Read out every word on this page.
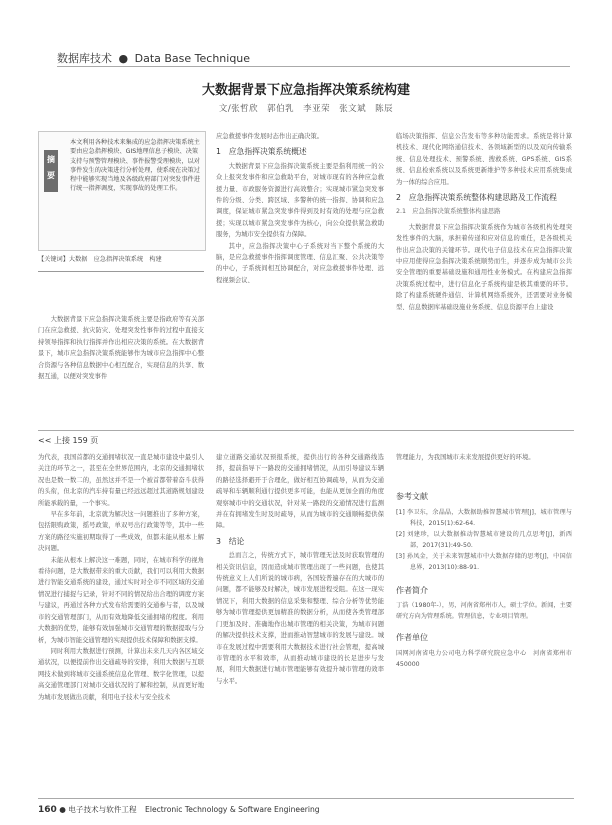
数据库技术 ● Data Base Technique
大数据背景下应急指挥决策系统构建
文/张哲欣　郭伯乳　李亚荣　张文斌　陈辰
摘要
本文利用各种技术来集成的应急指挥决策系统主要由应急指挥模块、GIS地理信息子模块、决策支持与预警管理模块、事件报警受理模块，以对事件发生的决策进行分析处理，使系统在决策过程中能够实现当地及各级政府部门对突发事件进行统一指挥调度，实现事故的处理工作。
【关键词】大数据　应急指挥决策系统　构建

大数据背景下应急指挥决策系统主要是指政府等有关部门在应急救援、抗灾防灾、处理突发性事件的过程中直接支持领导指挥和执行指挥并作出相应决策的系统。在大数据背景下，城市应急指挥决策系统能够作为城市应急指挥中心整合资源与各种信息数据中心相互配合，实现信息的共享、数据互通，以便对突发事件

应急救援事件发展时态作出正确决策。

1　应急指挥决策系统概述

大数据背景下应急指挥决策系统主要是指利用统一的公众上报突发事件和应急救助平台，对城市现有的各种应急救援力量、市政服务资源进行高效整合；实现城市紧急突发事件的分级、分类、跨区域、多警种的统一指挥、协调和应急调度，保证城市紧急突发事件得到及时有效的处理与应急救援；实现以城市紧急突发事件为核心，向公众提供紧急救助服务，为城市安全提供有力保障。

其中，应急指挥决策中心子系统对当下整个系统的大脑，是应急救援事件指挥调度管理、信息汇聚、公共决策等的中心，子系统间相互协调配合，对应急救援事件处理、远程视频会议、

临场决策指挥、信息公告发布等多种功能需求。系统是将计算机技术、现代化网络通信技术、各领域新型的以及双向传输系统、信息处理技术、预警系统、搜救系统、GPS系统、GIS系统、信息检索系统以及系统更新维护等多种技术应用系统集成为一体的综合应用。

2　应急指挥决策系统整体构建思路及工作流程
2.1　应急指挥决策系统整体构建思路

大数据背景下应急指挥决策系统作为城市各级机构处理突发性事件的大脑，承担着传递和应对信息的重任，是各级机关作出应急决策的关键环节。现代电子信息技术在应急指挥决策中应用使得应急指挥决策系统顺势而生，并逐步成为城市公共安全管理的重要基础设施和通用性业务模式。在构建应急指挥决策系统过程中，进行信息化子系统构建是极其重要的环节。除了构建系统硬件通信、计算机网络系统外，还需要对业务模型、信息数据库基础设施业务系统、信息资源平台上建设

<< 上接 159 页

为代表，我国首都的交通拥堵状况一直是城市建设中最引人关注的环节之一，甚至在全世界范围内，北京的交通拥堵状况也是数一数二的，虽然这并不是一个被首都带着奋斗获得的头衔，但北京的汽车持有量已经远远超过其道路规划建设所能承载的量，一个事实。

早在多年前，北京就为解决这一问题推出了多种方案，包括限购政策，摇号政策，单双号出行政策等等，其中一些方案的路径实施初期取得了一些成效，但都未能从根本上解决问题。

未能从根本上解决这一难题，同时，在城市科学的视角看待问题，是大数据带来的重大贡献，我们可以利用大数据进行智能交通系统的建设，通过实时对全市不同区域的交通情况进行捕捉与记录，针对不同的情况给出合理的调度方案与建议，再通过各种方式发布给需要的交通参与者，以及城市的交通管理部门，从而有效地降低交通拥堵的程度。利用大数据的优势，能够有效加强城市交通管理的数据提取与分析，为城市智能交通管理的实现提供技术保障和数据支撑。

同时利用大数据进行预测，计算出未来几天内各区域交通状况，以便提前作出交通疏导的安排，利用大数据与互联网技术做到将城市交通系统信息化管理、数字化管理，以提高交通管理部门对城市交通状况的了解和控制，从而更好地为城市发展做出贡献，利用电子技术与安全技术

建立道路交通状况预报系统，提供出行的各种交通路线选择，提前指导下一路段的交通拥堵情况，从而引导建议车辆的路径选择避开于合理化，做好相互协调疏导，从而为交通疏导和车辆顺利通行提供更多可能，也能从更加全面的角度观察城市中的交通状况，针对某一路段的交通情况进行监测并在有拥堵发生时及时疏导，从而为城市的交通顺畅提供保障。

3　结论

总而言之，传统方式下，城市管理无法及时获取管理的相关资讯信息，因而造成城市管理出现了一些问题，也使其传统意义上人们所说的城市病，各国较普遍存在的大城市的问题，都不能够及时解决，城市发展进程受阻。在这一现实情况下，利用大数据的信息采集和整理、综合分析等优势能够为城市管理提供更加精准的数据分析，从而使各类管理部门更加及时、准确地作出城市管理的相关决策，为城市问题的解决提供技术支撑，进而推动智慧城市的发展与建设。城市在发展过程中需要利用大数据技术进行社会管理，提高城市管理的水平和效率，从而推动城市建设的长足进步与发展，利用大数据进行城市管理能够有效提升城市管理的效率与水平。

管理能力，为我国城市未来发展提供更好的环境。

参考文献
[1] 李卫东，余晶晶，大数据助推智慧城市管理[J]，城市管理与科技，2015(1):62-64.
[2] 刘建珍，以大数据推动智慧城市建设的几点思考[J]，新西部，2017(31):49-50.
[3] 孙凤金，关于未来智慧城市中大数据存储的思考[J]，中国信息界，2013(10):88-91.
作者简介
丁浩（1980年-），男，河南省郑州市人，硕士学位。新闻，主要研究方向为管理系统。管理信息，专业项目管理。
作者单位
国网河南省电力公司电力科学研究院应急中心　河南省郑州市　450000
160 ● 电子技术与软件工程 Electronic Technology & Software Engineering
